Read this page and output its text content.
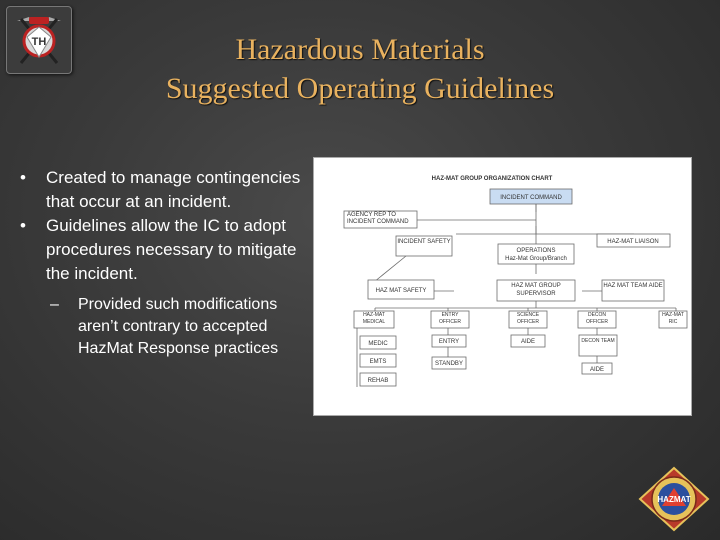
TH	Hazardous Materials
Suggested Operating Guidelines
• Created to manage contingencies that occur at an incident.
• Guidelines allow the IC to adopt procedures necessary to mitigate the incident.
– Provided such modifications aren’t contrary to accepted HazMat Response practices
HAZ-MAT GROUP ORGANIZATION CHART
INCIDENT COMMAND
AGENCY REP TO INCIDENT COMMAND
INCIDENT SAFETY
OPERATIONS
Haz-Mat Group/Branch
HAZ-MAT LIAISON
HAZ MAT SAFETY
HAZ MAT GROUP SUPERVISOR
HAZ MAT TEAM AIDE
HAZ-MAT MEDICAL
ENTRY OFFICER
SCIENCE OFFICER
DECON OFFICER
HAZ-MAT RIC
MEDIC
EMTS
REHAB
ENTRY
STANDBY
AIDE	DECON TEAM
AIDE
HAZMAT
